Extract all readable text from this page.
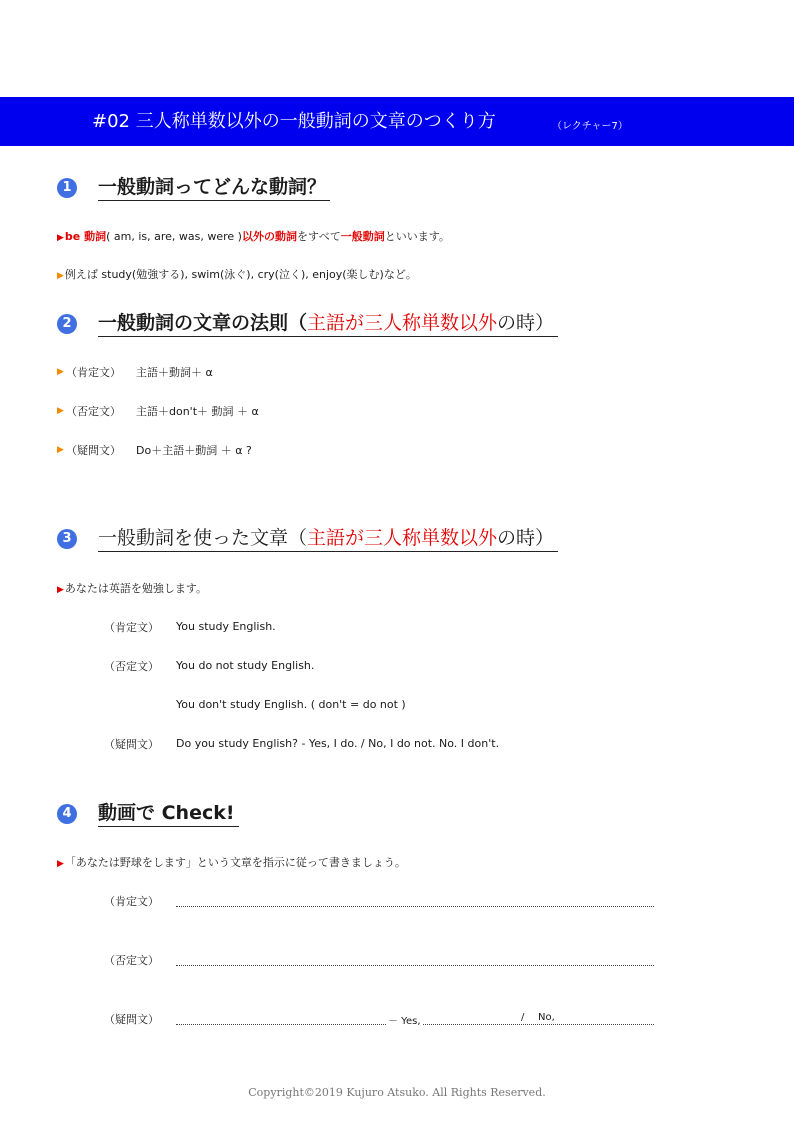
#02 三人称単数以外の一般動詞の文章のつくり方	（レクチャー7）
1 一般動詞ってどんな動詞？
▶be 動詞( am, is, are, was, were )以外の動詞をすべて一般動詞といいます。
▶例えば study(勉強する), swim(泳ぐ), cry(泣く), enjoy(楽しむ)など。
2 一般動詞の文章の法則（主語が三人称単数以外の時）
▶ （肯定文） 主語＋動詞＋ α
▶ （否定文） 主語＋don't＋ 動詞 ＋ α
▶ （疑問文） Do＋主語＋動詞 ＋ α ?
3 一般動詞を使った文章（主語が三人称単数以外の時）
▶あなたは英語を勉強します。
（肯定文） You study English.
（否定文） You do not study English.
You don't study English. ( don't = do not )
（疑問文） Do you study English? - Yes, I do. / No, I do not. No. I don't.
4 動画で Check!
▶「あなたは野球をします」という文章を指示に従って書きましょう。
（肯定文）
（否定文）
（疑問文）	－ Yes,	/ No,
Copyright©2019 Kujuro Atsuko. All Rights Reserved.
